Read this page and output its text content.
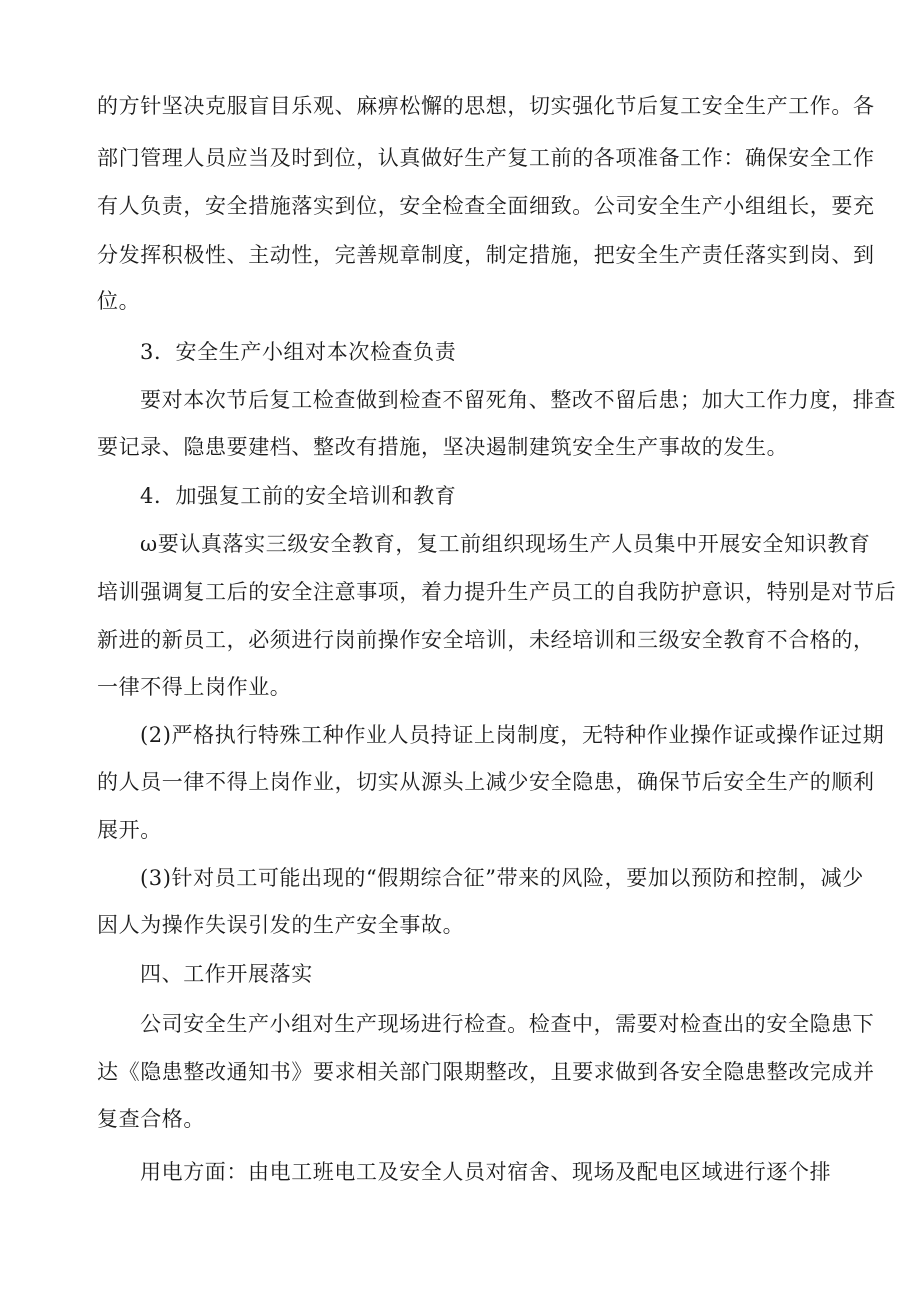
的方针坚决克服盲目乐观、麻痹松懈的思想，切实强化节后复工安全生产工作。各
部门管理人员应当及时到位，认真做好生产复工前的各项准备工作：确保安全工作
有人负责，安全措施落实到位，安全检查全面细致。公司安全生产小组组长，要充
分发挥积极性、主动性，完善规章制度，制定措施，把安全生产责任落实到岗、到
位。
3．安全生产小组对本次检查负责
要对本次节后复工检查做到检查不留死角、整改不留后患；加大工作力度，排查
要记录、隐患要建档、整改有措施，坚决遏制建筑安全生产事故的发生。
4．加强复工前的安全培训和教育
ω要认真落实三级安全教育，复工前组织现场生产人员集中开展安全知识教育
培训强调复工后的安全注意事项，着力提升生产员工的自我防护意识，特别是对节后
新进的新员工，必须进行岗前操作安全培训，未经培训和三级安全教育不合格的，
一律不得上岗作业。
(2)严格执行特殊工种作业人员持证上岗制度，无特种作业操作证或操作证过期
的人员一律不得上岗作业，切实从源头上减少安全隐患，确保节后安全生产的顺利
展开。
(3)针对员工可能出现的“假期综合征”带来的风险，要加以预防和控制，减少
因人为操作失误引发的生产安全事故。
四、工作开展落实
公司安全生产小组对生产现场进行检查。检查中，需要对检查出的安全隐患下
达《隐患整改通知书》要求相关部门限期整改，且要求做到各安全隐患整改完成并
复查合格。
用电方面：由电工班电工及安全人员对宿舍、现场及配电区域进行逐个排
